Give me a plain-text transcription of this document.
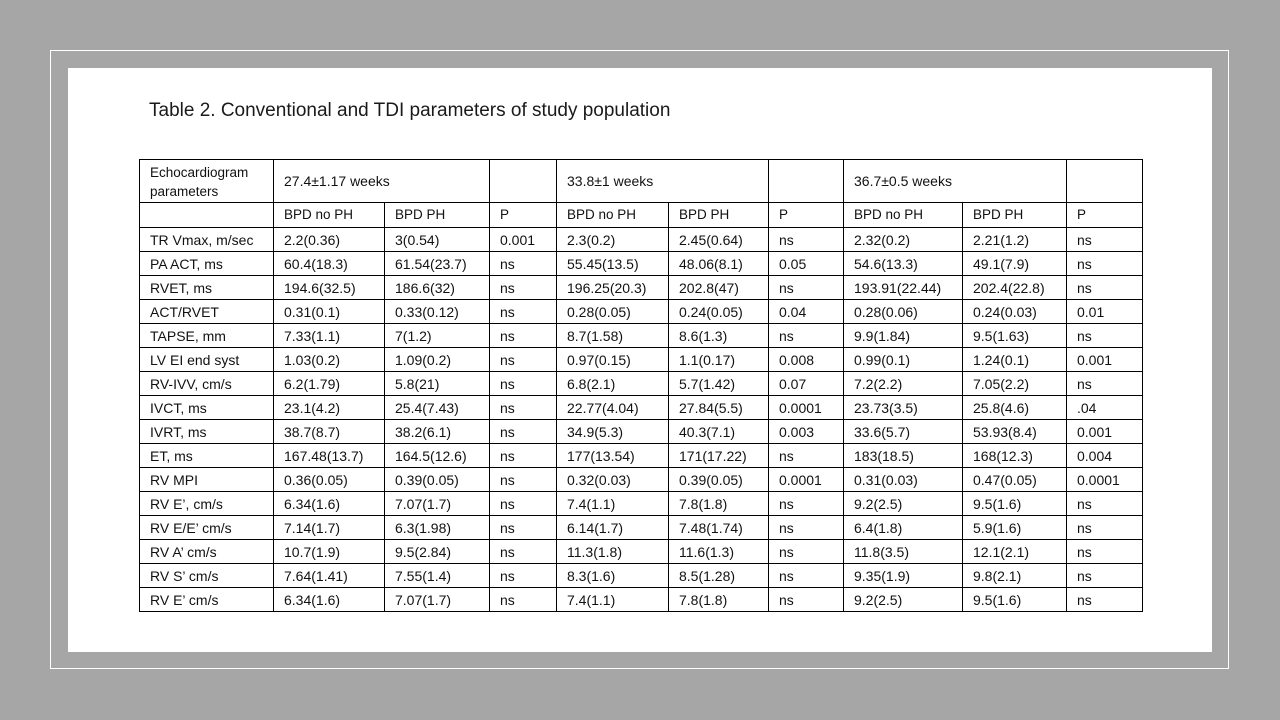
Table 2. Conventional and TDI parameters of study population
Echocardiogram parameters	27.4±1.17 weeks			33.8±1 weeks			36.7±0.5 weeks		
	BPD no PH	BPD PH	P	BPD no PH	BPD PH	P	BPD no PH	BPD PH	P
TR Vmax, m/sec	2.2(0.36)	3(0.54)	0.001	2.3(0.2)	2.45(0.64)	ns	2.32(0.2)	2.21(1.2)	ns
PA ACT, ms	60.4(18.3)	61.54(23.7)	ns	55.45(13.5)	48.06(8.1)	0.05	54.6(13.3)	49.1(7.9)	ns
RVET, ms	194.6(32.5)	186.6(32)	ns	196.25(20.3)	202.8(47)	ns	193.91(22.44)	202.4(22.8)	ns
ACT/RVET	0.31(0.1)	0.33(0.12)	ns	0.28(0.05)	0.24(0.05)	0.04	0.28(0.06)	0.24(0.03)	0.01
TAPSE, mm	7.33(1.1)	7(1.2)	ns	8.7(1.58)	8.6(1.3)	ns	9.9(1.84)	9.5(1.63)	ns
LV EI end syst	1.03(0.2)	1.09(0.2)	ns	0.97(0.15)	1.1(0.17)	0.008	0.99(0.1)	1.24(0.1)	0.001
RV-IVV, cm/s	6.2(1.79)	5.8(21)	ns	6.8(2.1)	5.7(1.42)	0.07	7.2(2.2)	7.05(2.2)	ns
IVCT, ms	23.1(4.2)	25.4(7.43)	ns	22.77(4.04)	27.84(5.5)	0.0001	23.73(3.5)	25.8(4.6)	.04
IVRT, ms	38.7(8.7)	38.2(6.1)	ns	34.9(5.3)	40.3(7.1)	0.003	33.6(5.7)	53.93(8.4)	0.001
ET, ms	167.48(13.7)	164.5(12.6)	ns	177(13.54)	171(17.22)	ns	183(18.5)	168(12.3)	0.004
RV MPI	0.36(0.05)	0.39(0.05)	ns	0.32(0.03)	0.39(0.05)	0.0001	0.31(0.03)	0.47(0.05)	0.0001
RV E’, cm/s	6.34(1.6)	7.07(1.7)	ns	7.4(1.1)	7.8(1.8)	ns	9.2(2.5)	9.5(1.6)	ns
RV E/E’ cm/s	7.14(1.7)	6.3(1.98)	ns	6.14(1.7)	7.48(1.74)	ns	6.4(1.8)	5.9(1.6)	ns
RV A’ cm/s	10.7(1.9)	9.5(2.84)	ns	11.3(1.8)	11.6(1.3)	ns	11.8(3.5)	12.1(2.1)	ns
RV S’ cm/s	7.64(1.41)	7.55(1.4)	ns	8.3(1.6)	8.5(1.28)	ns	9.35(1.9)	9.8(2.1)	ns
RV E’ cm/s	6.34(1.6)	7.07(1.7)	ns	7.4(1.1)	7.8(1.8)	ns	9.2(2.5)	9.5(1.6)	ns
